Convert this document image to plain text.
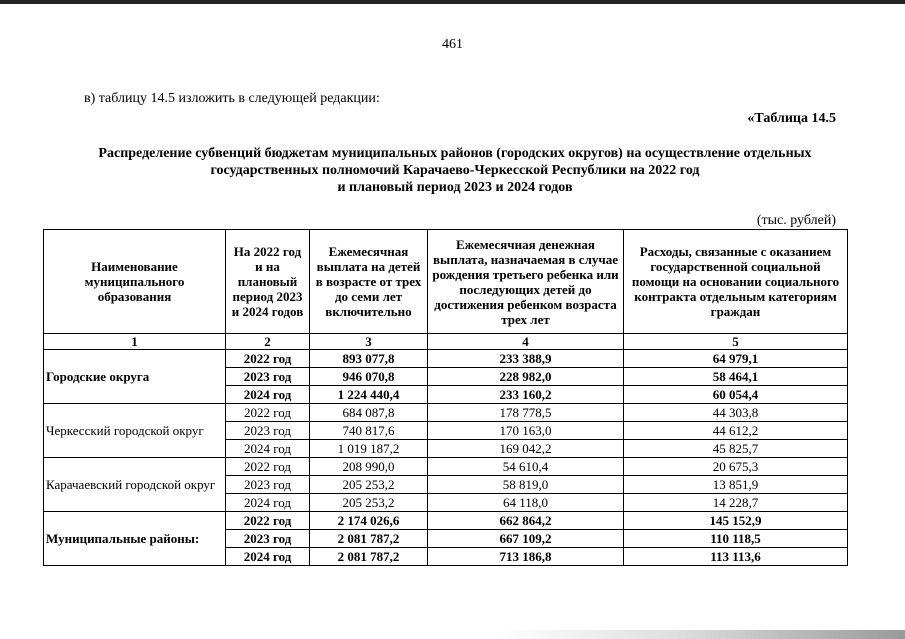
461
в) таблицу 14.5 изложить в следующей редакции:
«Таблица 14.5
Распределение субвенций бюджетам муниципальных районов (городских округов) на осуществление отдельных
государственных полномочий Карачаево-Черкесской Республики на 2022 год
и плановый период 2023 и 2024 годов
(тыс. рублей)
Наименование муниципального образования	На 2022 год и на плановый период 2023 и 2024 годов	Ежемесячная выплата на детей в возрасте от трех до семи лет включительно	Ежемесячная денежная выплата, назначаемая в случае рождения третьего ребенка или последующих детей до достижения ребенком возраста трех лет	Расходы, связанные с оказанием государственной социальной помощи на основании социального контракта отдельным категориям граждан
1	2	3	4	5
Городские округа	2022 год	893 077,8	233 388,9	64 979,1
	2023 год	946 070,8	228 982,0	58 464,1
	2024 год	1 224 440,4	233 160,2	60 054,4
Черкесский городской округ	2022 год	684 087,8	178 778,5	44 303,8
	2023 год	740 817,6	170 163,0	44 612,2
	2024 год	1 019 187,2	169 042,2	45 825,7
Карачаевский городской округ	2022 год	208 990,0	54 610,4	20 675,3
	2023 год	205 253,2	58 819,0	13 851,9
	2024 год	205 253,2	64 118,0	14 228,7
Муниципальные районы:	2022 год	2 174 026,6	662 864,2	145 152,9
	2023 год	2 081 787,2	667 109,2	110 118,5
	2024 год	2 081 787,2	713 186,8	113 113,6
